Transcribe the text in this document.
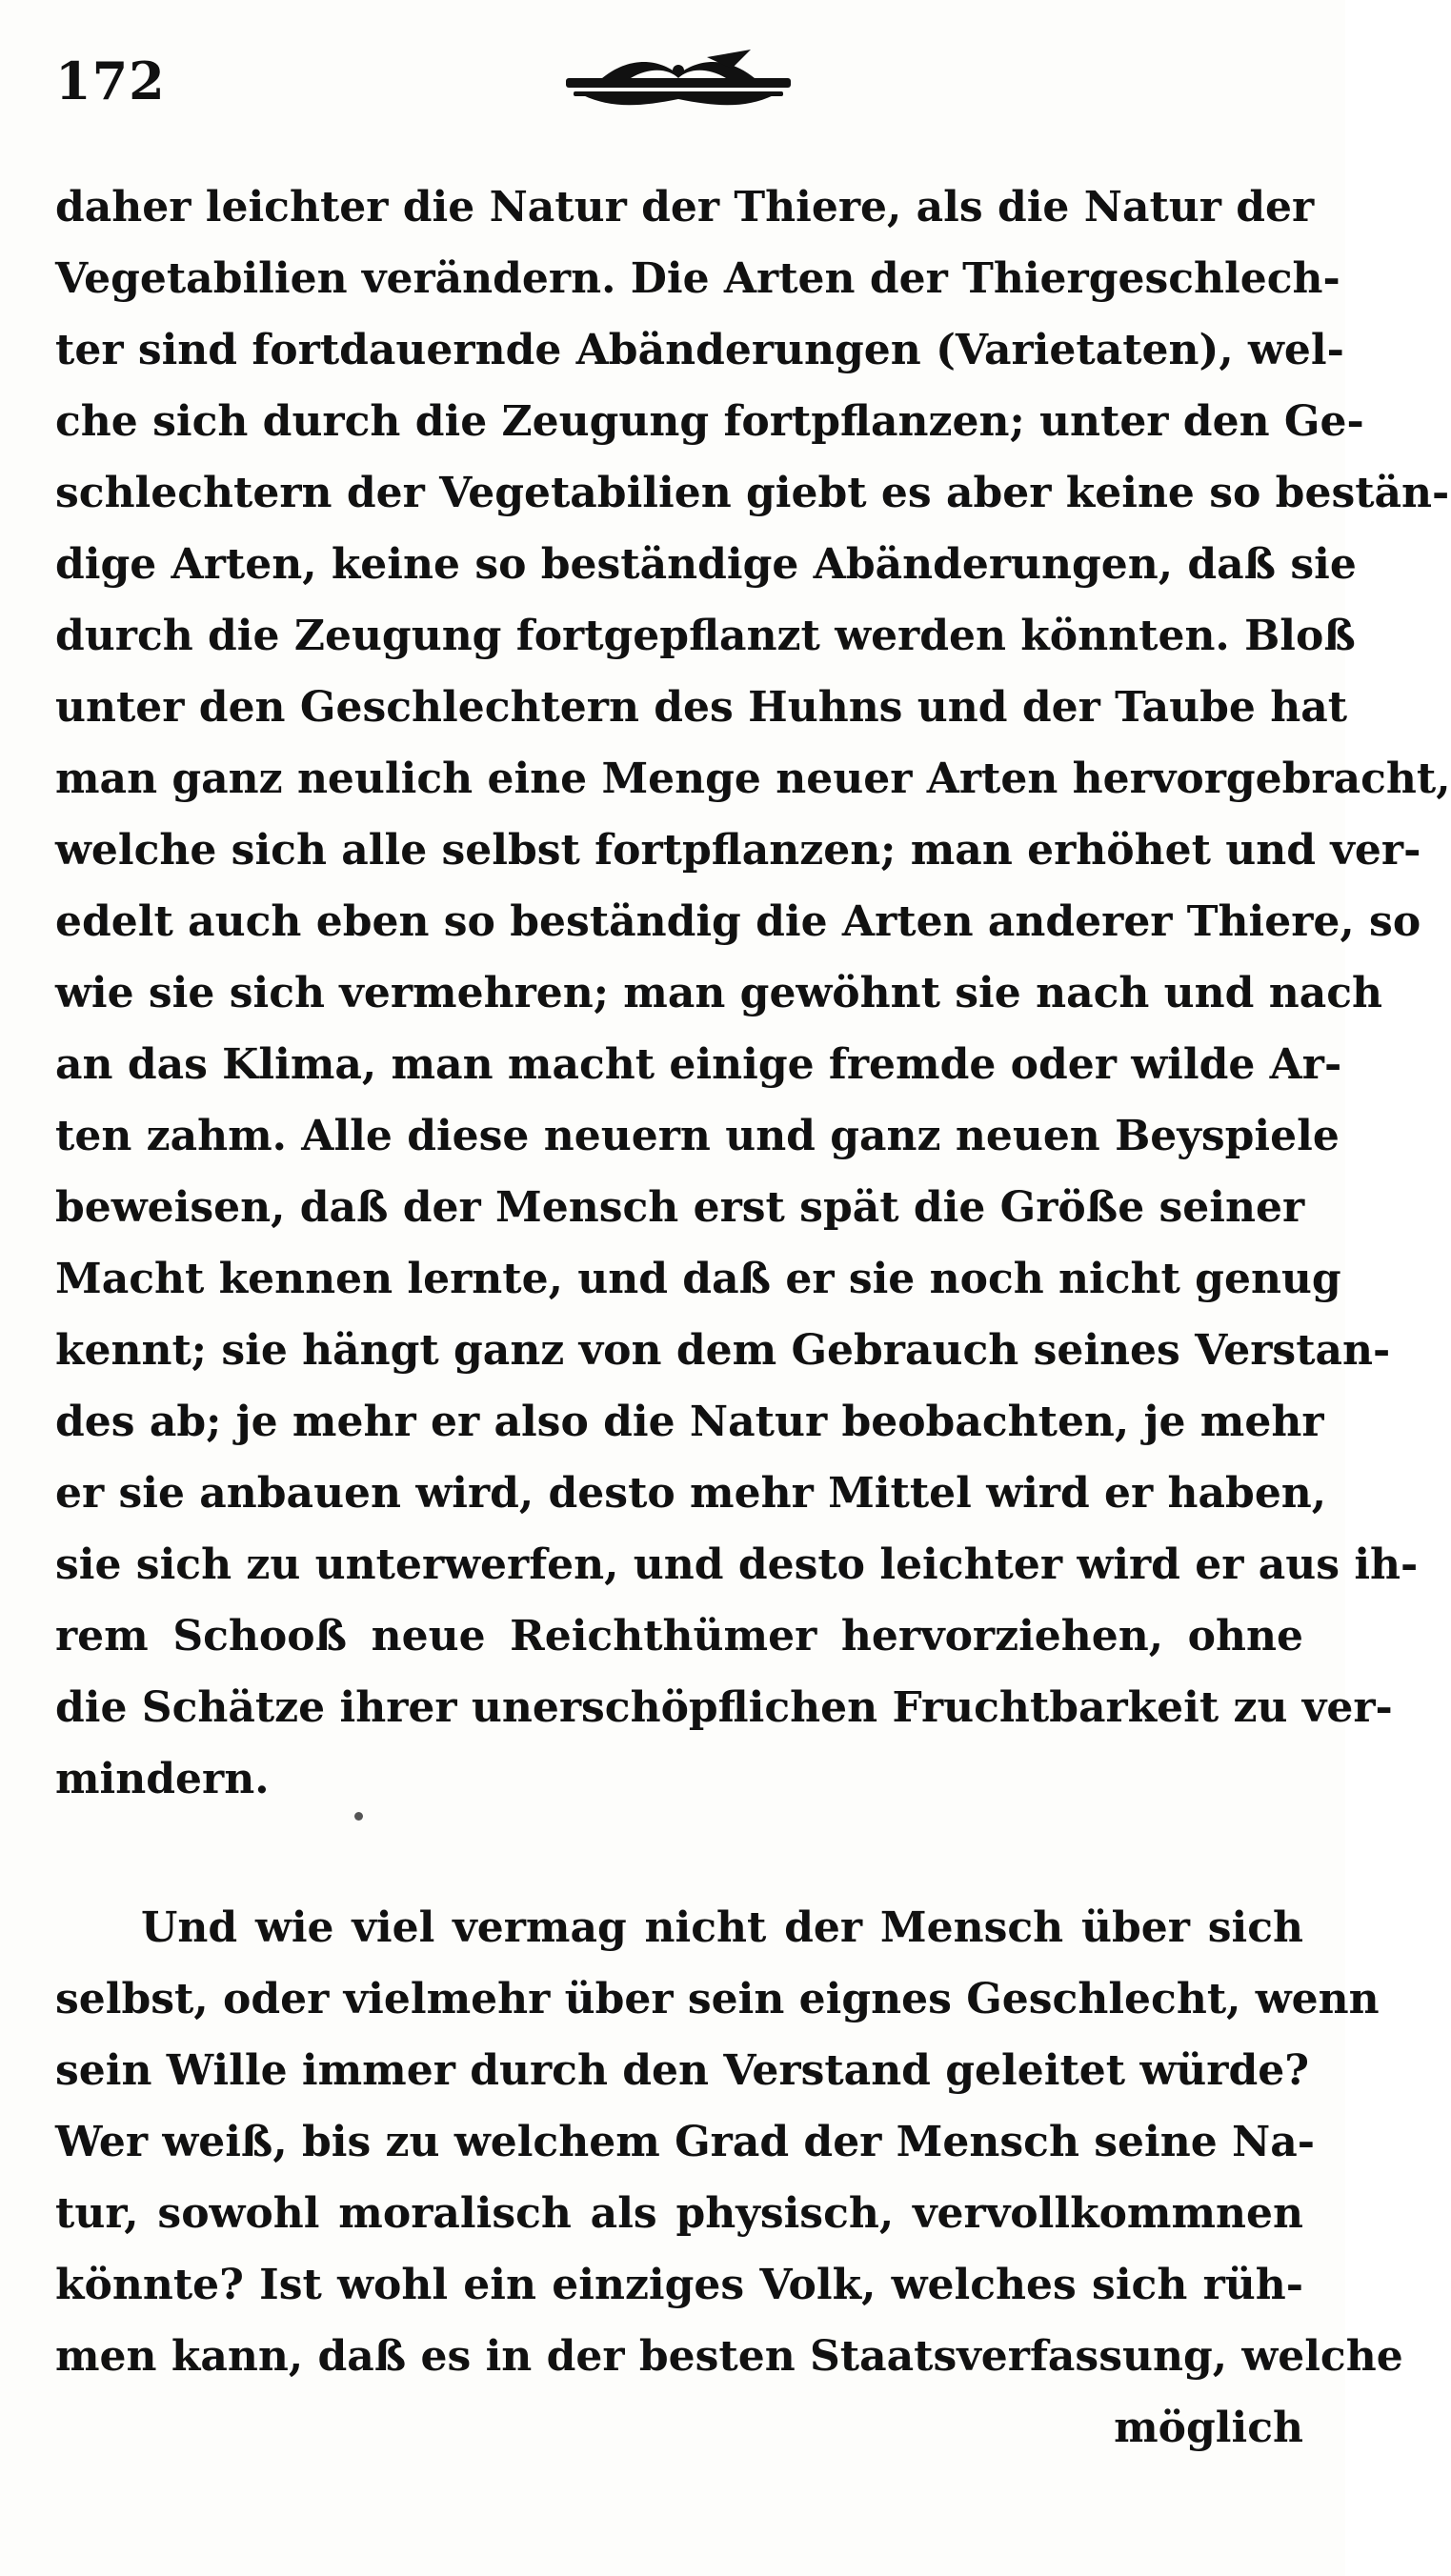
172
daher leichter die Natur der Thiere, als die Natur der
Vegetabilien verändern. Die Arten der Thiergeschlech-
ter sind fortdauernde Abänderungen (Varietaten), wel-
che sich durch die Zeugung fortpflanzen; unter den Ge-
schlechtern der Vegetabilien giebt es aber keine so bestän-
dige Arten, keine so beständige Abänderungen, daß sie
durch die Zeugung fortgepflanzt werden könnten. Bloß
unter den Geschlechtern des Huhns und der Taube hat
man ganz neulich eine Menge neuer Arten hervorgebracht,
welche sich alle selbst fortpflanzen; man erhöhet und ver-
edelt auch eben so beständig die Arten anderer Thiere, so
wie sie sich vermehren; man gewöhnt sie nach und nach
an das Klima, man macht einige fremde oder wilde Ar-
ten zahm. Alle diese neuern und ganz neuen Beyspiele
beweisen, daß der Mensch erst spät die Größe seiner
Macht kennen lernte, und daß er sie noch nicht genug
kennt; sie hängt ganz von dem Gebrauch seines Verstan-
des ab; je mehr er also die Natur beobachten, je mehr
er sie anbauen wird, desto mehr Mittel wird er haben,
sie sich zu unterwerfen, und desto leichter wird er aus ih-
rem Schooß neue Reichthümer hervorziehen, ohne
die Schätze ihrer unerschöpflichen Fruchtbarkeit zu ver-
mindern.
Und wie viel vermag nicht der Mensch über sich
selbst, oder vielmehr über sein eignes Geschlecht, wenn
sein Wille immer durch den Verstand geleitet würde?
Wer weiß, bis zu welchem Grad der Mensch seine Na-
tur, sowohl moralisch als physisch, vervollkommnen
könnte? Ist wohl ein einziges Volk, welches sich rüh-
men kann, daß es in der besten Staatsverfassung, welche
möglich
